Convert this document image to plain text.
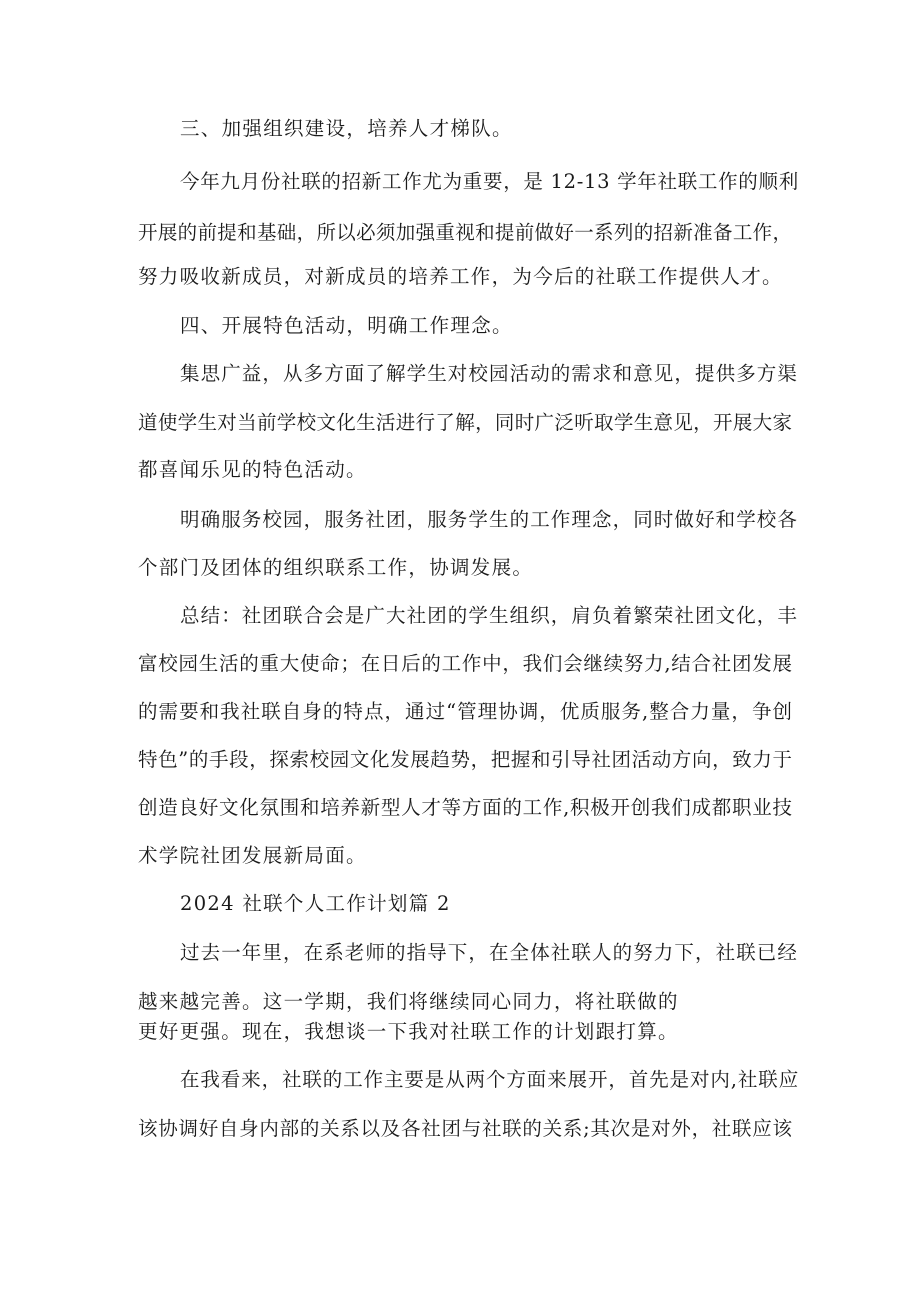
三、加强组织建设，培养人才梯队。
今年九月份社联的招新工作尤为重要，是 12-13 学年社联工作的顺利
开展的前提和基础，所以必须加强重视和提前做好一系列的招新准备工作，
努力吸收新成员，对新成员的培养工作，为今后的社联工作提供人才。
四、开展特色活动，明确工作理念。
集思广益，从多方面了解学生对校园活动的需求和意见，提供多方渠
道使学生对当前学校文化生活进行了解，同时广泛听取学生意见，开展大家
都喜闻乐见的特色活动。
明确服务校园，服务社团，服务学生的工作理念，同时做好和学校各
个部门及团体的组织联系工作，协调发展。
总结：社团联合会是广大社团的学生组织，肩负着繁荣社团文化，丰
富校园生活的重大使命；在日后的工作中，我们会继续努力,结合社团发展
的需要和我社联自身的特点，通过“管理协调，优质服务,整合力量，争创
特色”的手段，探索校园文化发展趋势，把握和引导社团活动方向，致力于
创造良好文化氛围和培养新型人才等方面的工作,积极开创我们成都职业技
术学院社团发展新局面。
2024 社联个人工作计划篇 2
过去一年里，在系老师的指导下，在全体社联人的努力下，社联已经
越来越完善。这一学期，我们将继续同心同力，将社联做的
更好更强。现在，我想谈一下我对社联工作的计划跟打算。
在我看来，社联的工作主要是从两个方面来展开，首先是对内,社联应
该协调好自身内部的关系以及各社团与社联的关系;其次是对外，社联应该
